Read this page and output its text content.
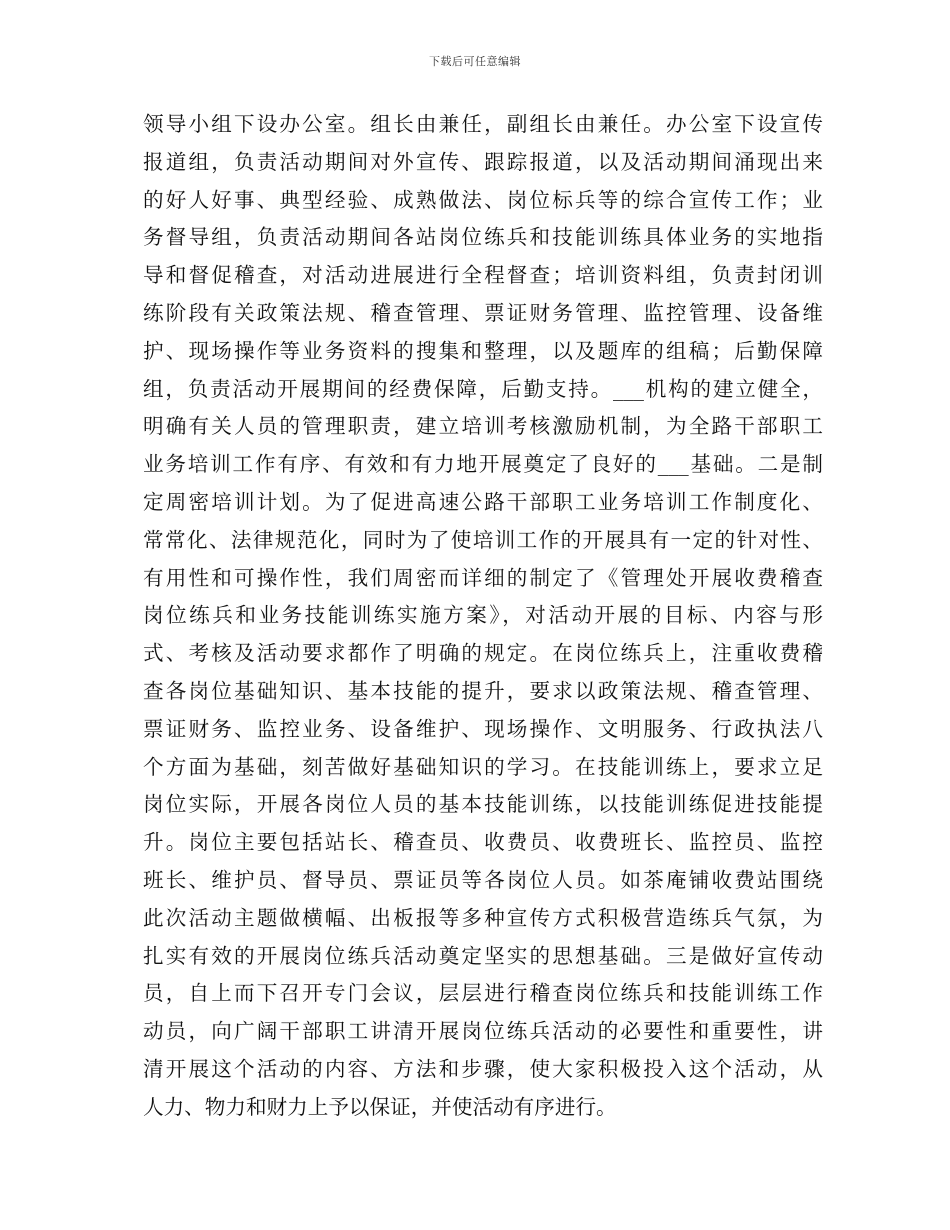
下载后可任意编辑
领导小组下设办公室。组长由兼任，副组长由兼任。办公室下设宣传
报道组，负责活动期间对外宣传、跟踪报道，以及活动期间涌现出来
的好人好事、典型经验、成熟做法、岗位标兵等的综合宣传工作；业
务督导组，负责活动期间各站岗位练兵和技能训练具体业务的实地指
导和督促稽查，对活动进展进行全程督查；培训资料组，负责封闭训
练阶段有关政策法规、稽查管理、票证财务管理、监控管理、设备维
护、现场操作等业务资料的搜集和整理，以及题库的组稿；后勤保障
组，负责活动开展期间的经费保障，后勤支持。___机构的建立健全，
明确有关人员的管理职责，建立培训考核激励机制，为全路干部职工
业务培训工作有序、有效和有力地开展奠定了良好的___基础。二是制
定周密培训计划。为了促进高速公路干部职工业务培训工作制度化、
常常化、法律规范化，同时为了使培训工作的开展具有一定的针对性、
有用性和可操作性，我们周密而详细的制定了《管理处开展收费稽查
岗位练兵和业务技能训练实施方案》，对活动开展的目标、内容与形
式、考核及活动要求都作了明确的规定。在岗位练兵上，注重收费稽
查各岗位基础知识、基本技能的提升，要求以政策法规、稽查管理、
票证财务、监控业务、设备维护、现场操作、文明服务、行政执法八
个方面为基础，刻苦做好基础知识的学习。在技能训练上，要求立足
岗位实际，开展各岗位人员的基本技能训练，以技能训练促进技能提
升。岗位主要包括站长、稽查员、收费员、收费班长、监控员、监控
班长、维护员、督导员、票证员等各岗位人员。如茶庵铺收费站围绕
此次活动主题做横幅、出板报等多种宣传方式积极营造练兵气氛，为
扎实有效的开展岗位练兵活动奠定坚实的思想基础。三是做好宣传动
员，自上而下召开专门会议，层层进行稽查岗位练兵和技能训练工作
动员，向广阔干部职工讲清开展岗位练兵活动的必要性和重要性，讲
清开展这个活动的内容、方法和步骤，使大家积极投入这个活动，从
人力、物力和财力上予以保证，并使活动有序进行。
